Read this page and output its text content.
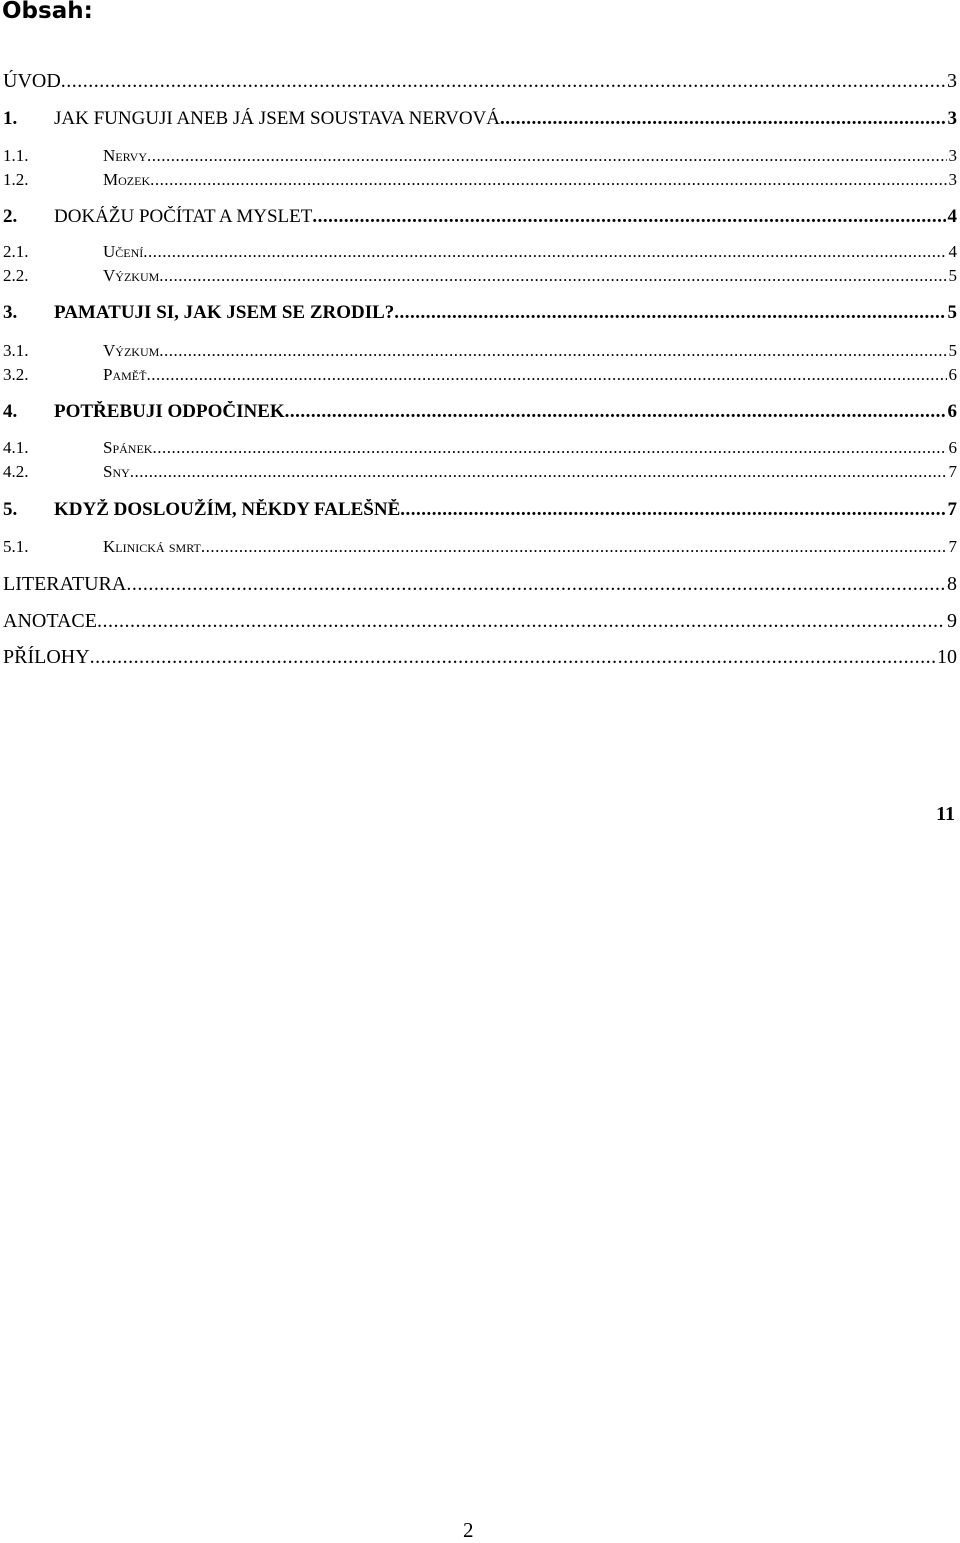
Obsah:
ÚVOD .....	3
1.	JAK FUNGUJI ANEB JÁ JSEM SOUSTAVA NERVOVÁ .....	3
1.1.	Nervy .....	3
1.2.	Mozek .....	3
2.	DOKÁŽU POČÍTAT A MYSLET .....	4
2.1.	Učení .....	4
2.2.	Výzkum .....	5
3.	PAMATUJI SI, JAK JSEM SE ZRODIL? .....	5
3.1.	Výzkum .....	5
3.2.	Paměť .....	6
4.	POTŘEBUJI ODPOČINEK .....	6
4.1.	Spánek .....	6
4.2.	Sny .....	7
5.	KDYŽ DOSLOUŽÍM, NĚKDY FALEŠNĚ .....	7
5.1.	Klinická smrt .....	7
LITERATURA .....	8
ANOTACE .....	9
PŘÍLOHY .....	10
11
2
